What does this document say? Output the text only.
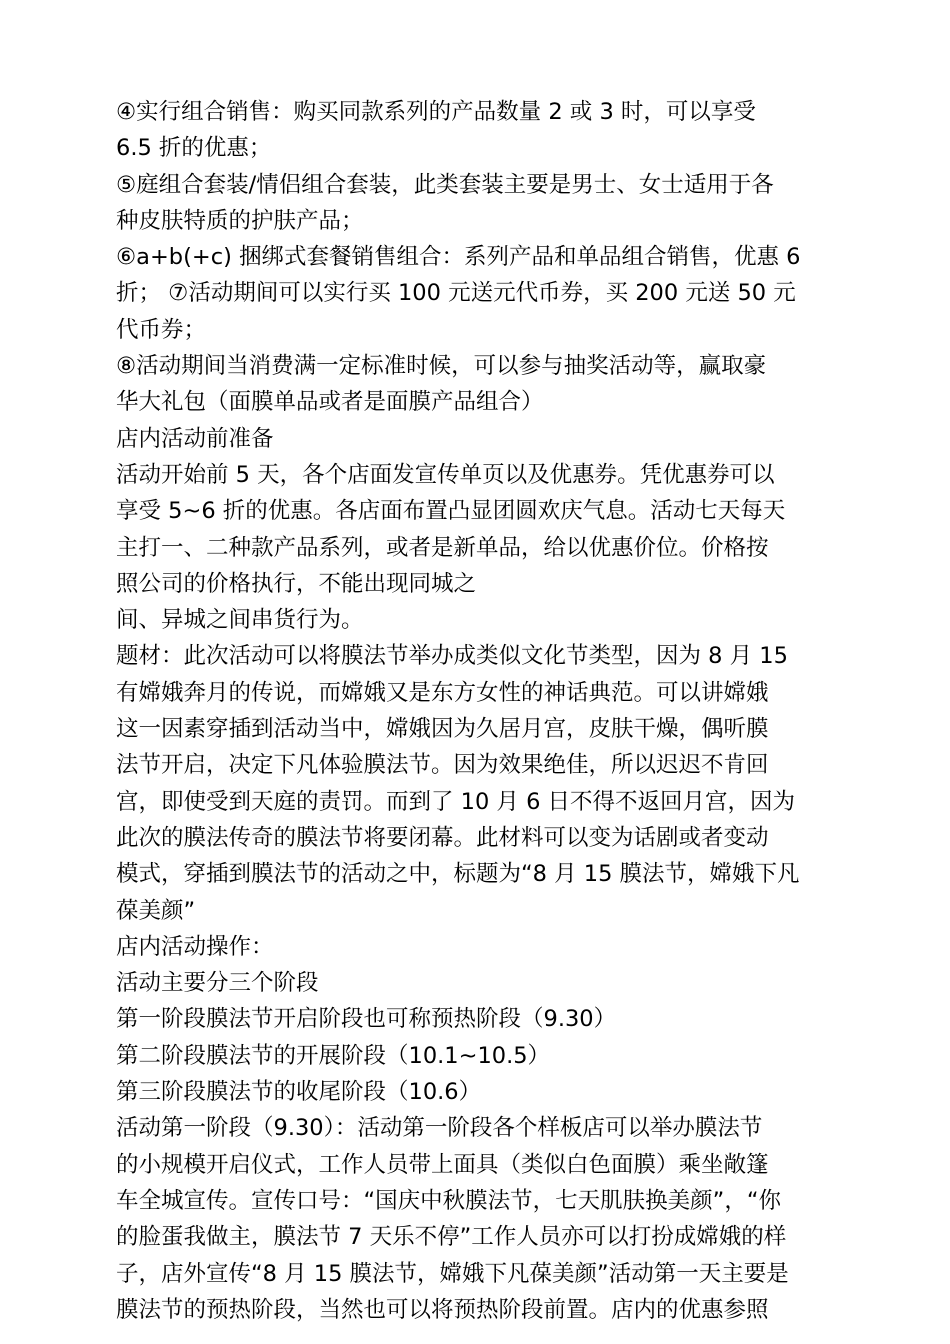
④实行组合销售：购买同款系列的产品数量 2 或 3 时，可以享受
6.5 折的优惠；
⑤庭组合套装/情侣组合套装，此类套装主要是男士、女士适用于各
种皮肤特质的护肤产品；
⑥a+b(+c) 捆绑式套餐销售组合：系列产品和单品组合销售，优惠 6
折； ⑦活动期间可以实行买 100 元送元代币券，买 200 元送 50 元
代币券；
⑧活动期间当消费满一定标准时候，可以参与抽奖活动等，赢取豪
华大礼包（面膜单品或者是面膜产品组合）
店内活动前准备
活动开始前 5 天，各个店面发宣传单页以及优惠券。凭优惠券可以
享受 5~6 折的优惠。各店面布置凸显团圆欢庆气息。活动七天每天
主打一、二种款产品系列，或者是新单品，给以优惠价位。价格按
照公司的价格执行，不能出现同城之
间、异城之间串货行为。
题材：此次活动可以将膜法节举办成类似文化节类型，因为 8 月 15
有嫦娥奔月的传说，而嫦娥又是东方女性的神话典范。可以讲嫦娥
这一因素穿插到活动当中，嫦娥因为久居月宫，皮肤干燥，偶听膜
法节开启，决定下凡体验膜法节。因为效果绝佳，所以迟迟不肯回
宫，即使受到天庭的责罚。而到了 10 月 6 日不得不返回月宫，因为
此次的膜法传奇的膜法节将要闭幕。此材料可以变为话剧或者变动
模式，穿插到膜法节的活动之中，标题为“8 月 15 膜法节，嫦娥下凡
葆美颜”
店内活动操作：
活动主要分三个阶段
第一阶段膜法节开启阶段也可称预热阶段（9.30）
第二阶段膜法节的开展阶段（10.1~10.5）
第三阶段膜法节的收尾阶段（10.6）
活动第一阶段（9.30）：活动第一阶段各个样板店可以举办膜法节
的小规模开启仪式，工作人员带上面具（类似白色面膜）乘坐敞篷
车全城宣传。宣传口号：“国庆中秋膜法节，七天肌肤换美颜”，“你
的脸蛋我做主，膜法节 7 天乐不停”工作人员亦可以打扮成嫦娥的样
子，店外宣传“8 月 15 膜法节，嫦娥下凡葆美颜”活动第一天主要是
膜法节的预热阶段，当然也可以将预热阶段前置。店内的优惠参照
